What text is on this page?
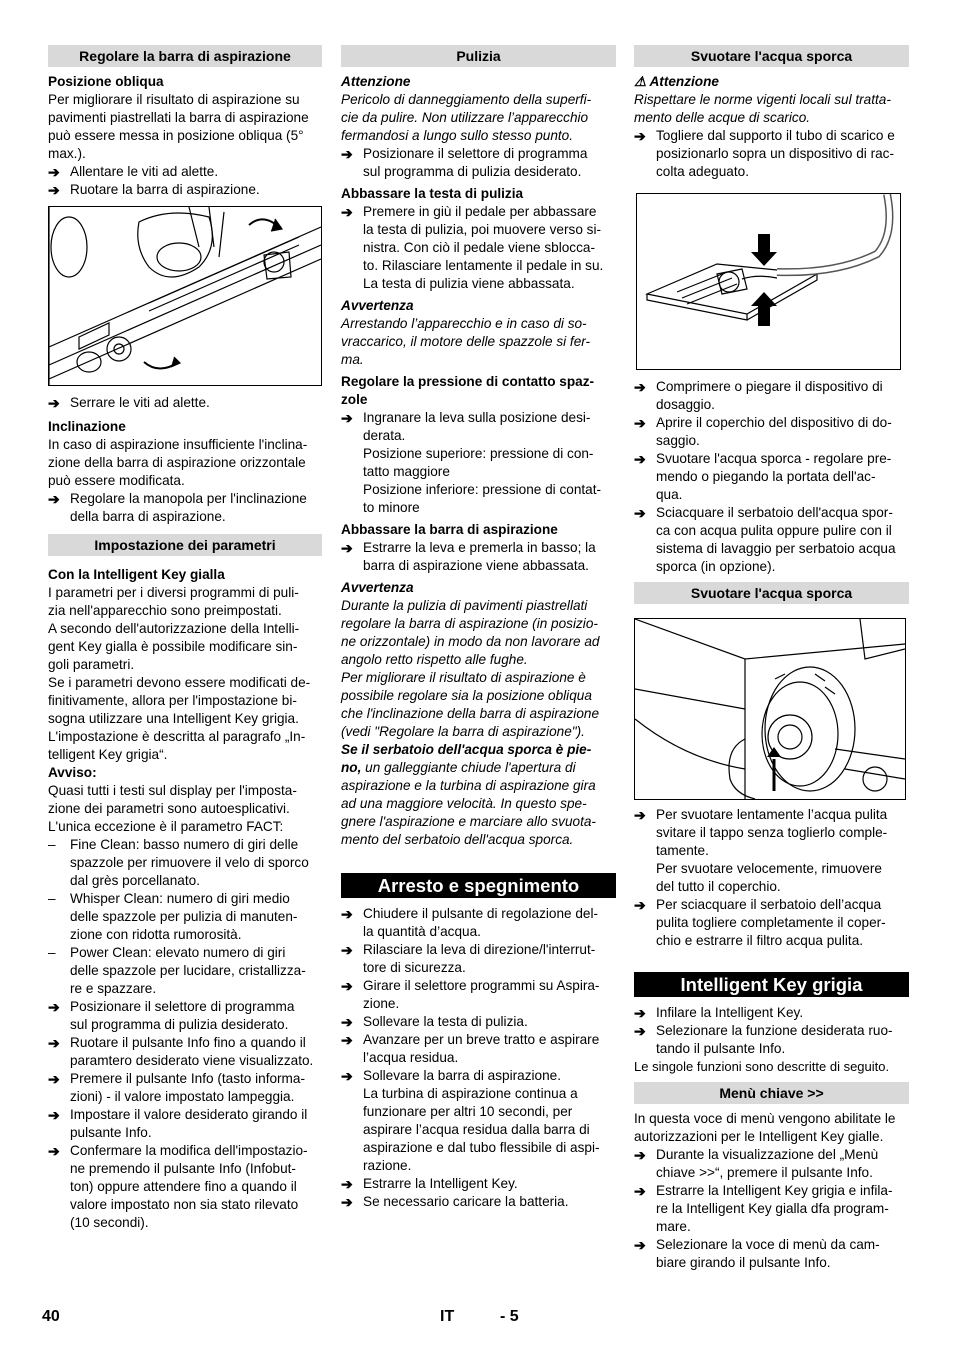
Regolare la barra di aspirazione

Posizione obliqua

Per migliorare il risultato di aspirazione su

pavimenti piastrellati la barra di aspirazione

può essere messa in posizione obliqua (5°

max.).

➔ Allentare le viti ad alette.

➔ Ruotare la barra di aspirazione.

➔ Serrare le viti ad alette.

Inclinazione

In caso di aspirazione insufficiente l'inclina-

zione della barra di aspirazione orizzontale

può essere modificata.

➔ Regolare la manopola per l'inclinazione

della barra di aspirazione.

Impostazione dei parametri

Con la Intelligent Key gialla

I parametri per i diversi programmi di puli-

zia nell'apparecchio sono preimpostati.

A secondo dell'autorizzazione della Intelli-

gent Key gialla è possibile modificare sin-

goli parametri.

Se i parametri devono essere modificati de-

finitivamente, allora per l'impostazione bi-

sogna utilizzare una Intelligent Key grigia.

L'impostazione è descritta al paragrafo „In-

telligent Key grigia“.

Avviso:

Quasi tutti i testi sul display per l'imposta-

zione dei parametri sono autoesplicativi.

L'unica eccezione è il parametro FACT:

– Fine Clean: basso numero di giri delle

spazzole per rimuovere il velo di sporco

dal grès porcellanato.

– Whisper Clean: numero di giri medio

delle spazzole per pulizia di manuten-

zione con ridotta rumorosità.

– Power Clean: elevato numero di giri

delle spazzole per lucidare, cristallizza-

re e spazzare.

➔ Posizionare il selettore di programma

sul programma di pulizia desiderato.

➔ Ruotare il pulsante Info fino a quando il

paramtero desiderato viene visualizzato.

➔ Premere il pulsante Info (tasto informa-

zioni) - il valore impostato lampeggia.

➔ Impostare il valore desiderato girando il

pulsante Info.

➔ Confermare la modifica dell'impostazio-

ne premendo il pulsante Info (Infobut-

ton) oppure attendere fino a quando il

valore impostato non sia stato rilevato

(10 secondi).

Pulizia

Attenzione

Pericolo di danneggiamento della superfi-

cie da pulire. Non utilizzare l’apparecchio

fermandosi a lungo sullo stesso punto.

➔ Posizionare il selettore di programma

sul programma di pulizia desiderato.

Abbassare la testa di pulizia

➔ Premere in giù il pedale per abbassare

la testa di pulizia, poi muovere verso si-

nistra. Con ciò il pedale viene sblocca-

to. Rilasciare lentamente il pedale in su.

La testa di pulizia viene abbassata.

Avvertenza

Arrestando l’apparecchio e in caso di so-

vraccarico, il motore delle spazzole si fer-

ma.

Regolare la pressione di contatto spaz-

zole

➔ Ingranare la leva sulla posizione desi-

derata.

Posizione superiore: pressione di con-

tatto maggiore

Posizione inferiore: pressione di contat-

to minore

Abbassare la barra di aspirazione

➔ Estrarre la leva e premerla in basso; la

barra di aspirazione viene abbassata.

Avvertenza

Durante la pulizia di pavimenti piastrellati

regolare la barra di aspirazione (in posizio-

ne orizzontale) in modo da non lavorare ad

angolo retto rispetto alle fughe.

Per migliorare il risultato di aspirazione è

possibile regolare sia la posizione obliqua

che l'inclinazione della barra di aspirazione

(vedi "Regolare la barra di aspirazione").

Se il serbatoio dell'acqua sporca è pie-

no, un galleggiante chiude l'apertura di

aspirazione e la turbina di aspirazione gira

ad una maggiore velocità. In questo spe-

gnere l'aspirazione e marciare allo svuota-

mento del serbatoio dell'acqua sporca.

Arresto e spegnimento
➔ Chiudere il pulsante di regolazione del-

la quantità d’acqua.

➔ Rilasciare la leva di direzione/l'interrut-

tore di sicurezza.

➔ Girare il selettore programmi su Aspira-

zione.

➔ Sollevare la testa di pulizia.

➔ Avanzare per un breve tratto e aspirare

l’acqua residua.

➔ Sollevare la barra di aspirazione.

La turbina di aspirazione continua a

funzionare per altri 10 secondi, per

aspirare l’acqua residua dalla barra di

aspirazione e dal tubo flessibile di aspi-

razione.

➔ Estrarre la Intelligent Key.

➔ Se necessario caricare la batteria.

Svuotare l'acqua sporca

⚠ Attenzione

Rispettare le norme vigenti locali sul tratta-

mento delle acque di scarico.

➔ Togliere dal supporto il tubo di scarico e

posizionarlo sopra un dispositivo di rac-

colta adeguato.

➔ Comprimere o piegare il dispositivo di

dosaggio.

➔ Aprire il coperchio del dispositivo di do-

saggio.

➔ Svuotare l'acqua sporca - regolare pre-

mendo o piegando la portata dell'ac-

qua.

➔ Sciacquare il serbatoio dell'acqua spor-

ca con acqua pulita oppure pulire con il

sistema di lavaggio per serbatoio acqua

sporca (in opzione).

Svuotare l'acqua sporca
➔ Per svuotare lentamente l’acqua pulita

svitare il tappo senza toglierlo comple-

tamente.

Per svuotare velocemente, rimuovere

del tutto il coperchio.

➔ Per sciacquare il serbatoio dell’acqua

pulita togliere completamente il coper-

chio e estrarre il filtro acqua pulita.

Intelligent Key grigia
➔ Infilare la Intelligent Key.

➔ Selezionare la funzione desiderata ruo-

tando il pulsante Info.

Le singole funzioni sono descritte di seguito.

Menù chiave >>

In questa voce di menù vengono abilitate le

autorizzazioni per le Intelligent Key gialle.

➔ Durante la visualizzazione del „Menù

chiave >>“, premere il pulsante Info.

➔ Estrarre la Intelligent Key grigia e infila-

re la Intelligent Key gialla dfa program-

mare.

➔ Selezionare la voce di menù da cam-

biare girando il pulsante Info.

40	IT	- 5
